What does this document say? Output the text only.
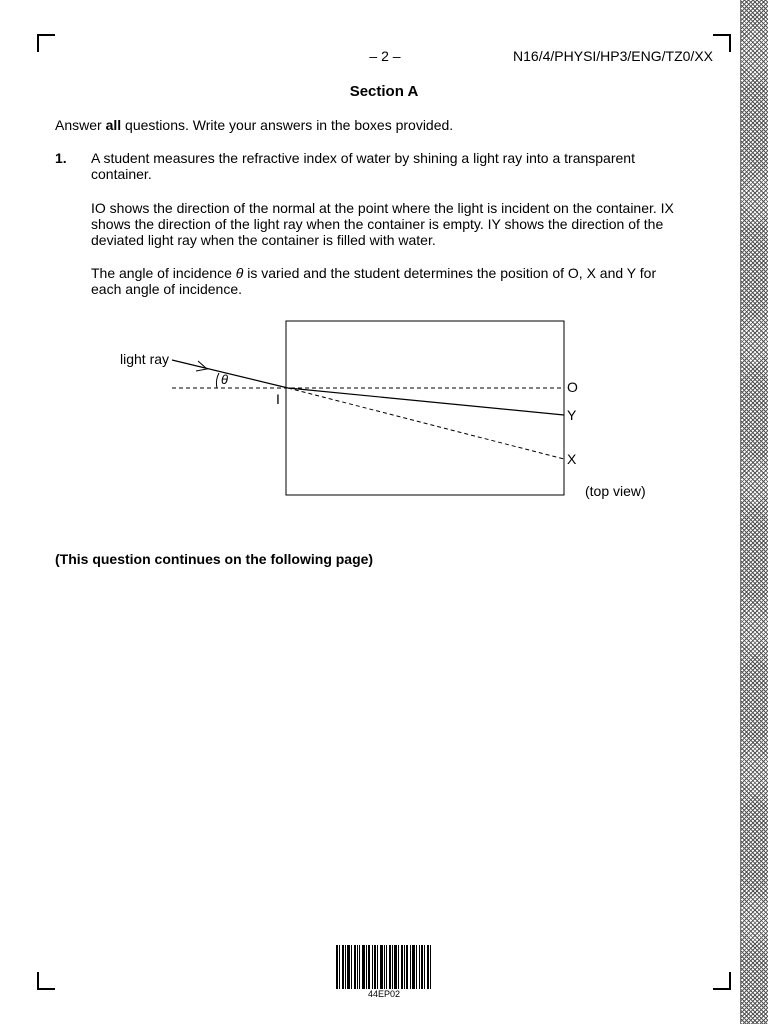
– 2 –	N16/4/PHYSI/HP3/ENG/TZ0/XX
Section A
Answer all questions. Write your answers in the boxes provided.
1. A student measures the refractive index of water by shining a light ray into a transparent container.
IO shows the direction of the normal at the point where the light is incident on the container. IX shows the direction of the light ray when the container is empty. IY shows the direction of the deviated light ray when the container is filled with water.
The angle of incidence θ is varied and the student determines the position of O, X and Y for each angle of incidence.
light ray
θ
I
O
Y
X
(top view)
(This question continues on the following page)
44EP02
